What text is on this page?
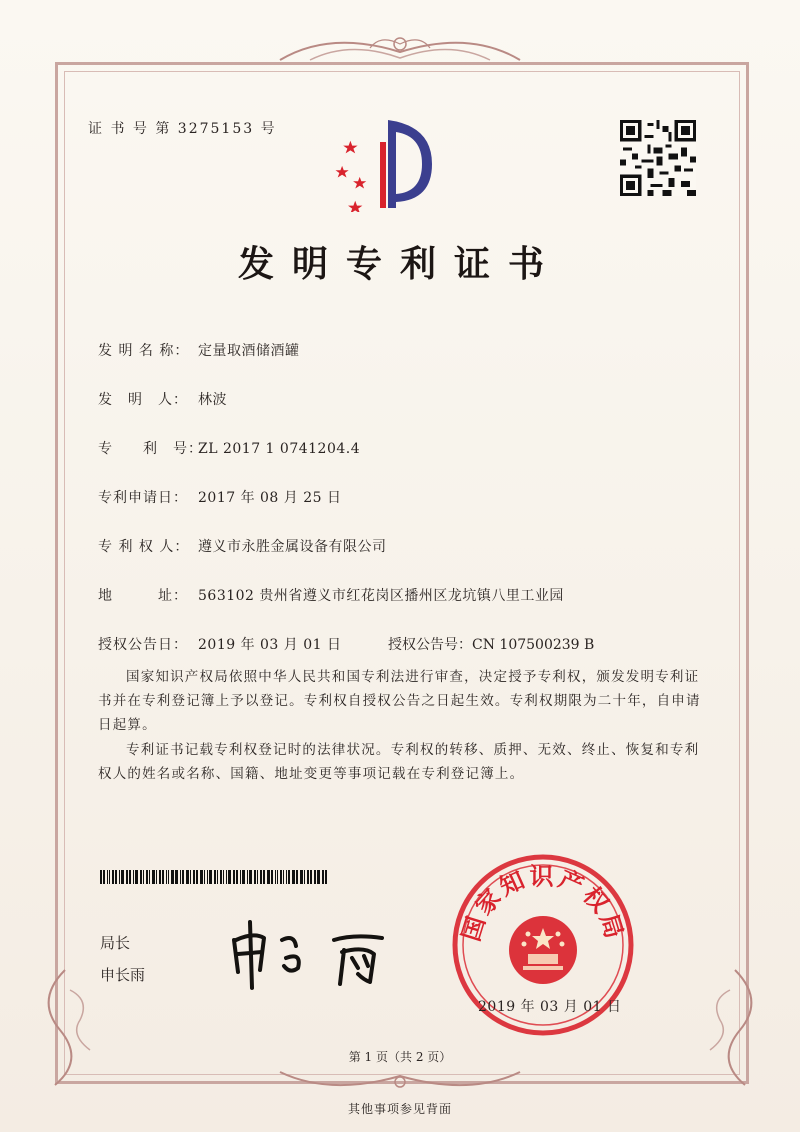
证 书 号 第 3275153 号
发明专利证书
发 明 名 称： 定量取酒储酒罐
发　明　人： 林波
专　　利　号：ZL 2017 1 0741204.4
专利申请日： 2017 年 08 月 25 日
专 利 权 人： 遵义市永胜金属设备有限公司
地　　　址： 563102 贵州省遵义市红花岗区播州区龙坑镇八里工业园
授权公告日： 2019 年 03 月 01 日	授权公告号：CN 107500239 B
国家知识产权局依照中华人民共和国专利法进行审查，决定授予专利权，颁发发明专利证书并在专利登记簿上予以登记。专利权自授权公告之日起生效。专利权期限为二十年，自申请日起算。
专利证书记载专利权登记时的法律状况。专利权的转移、质押、无效、终止、恢复和专利权人的姓名或名称、国籍、地址变更等事项记载在专利登记簿上。
局长
申长雨
国家知识产权局
2019 年 03 月 01 日
第 1 页（共 2 页）
其他事项参见背面
